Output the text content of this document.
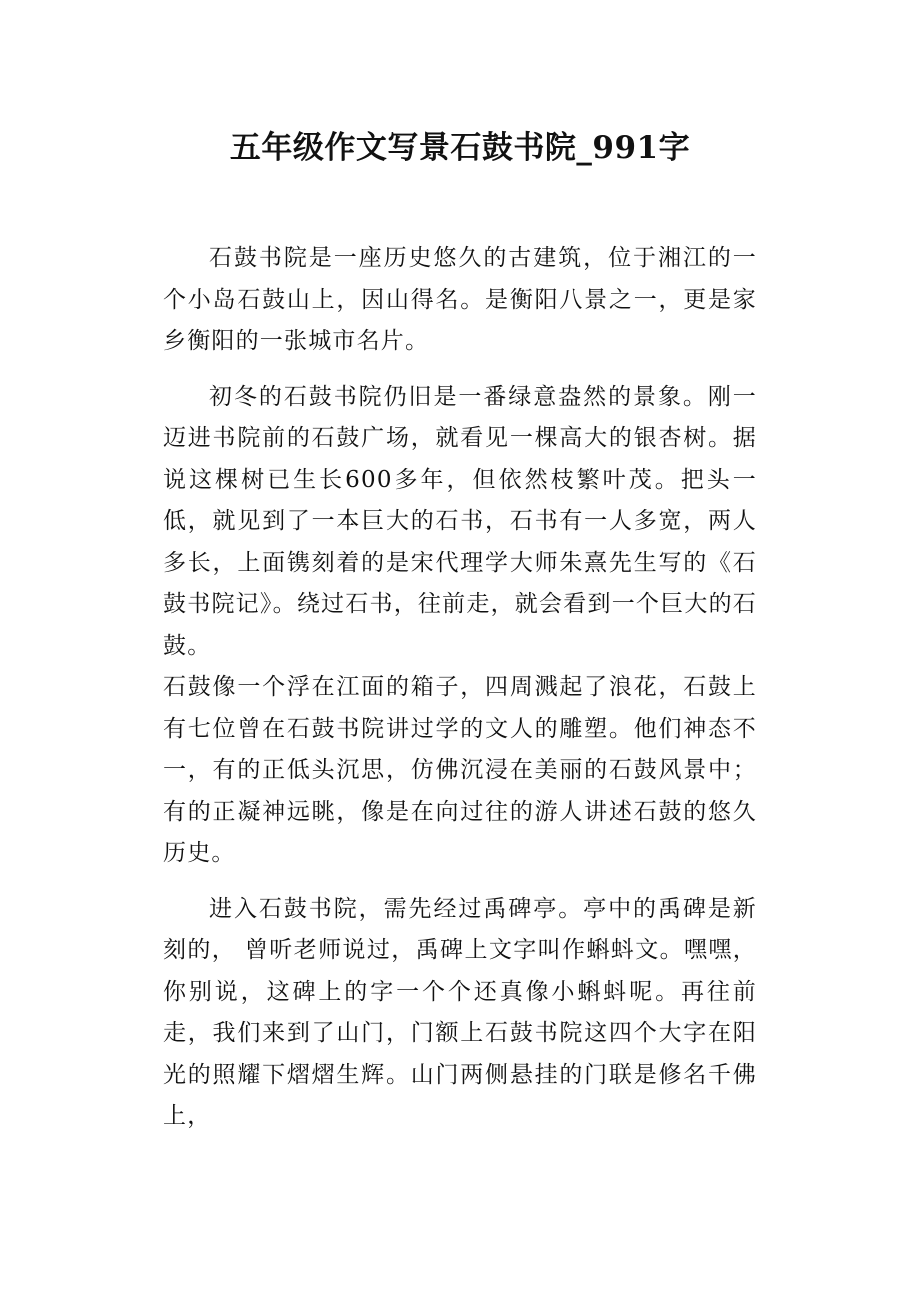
五年级作文写景石鼓书院_991字

石鼓书院是一座历史悠久的古建筑，位于湘江的一个小岛石鼓山上，因山得名。是衡阳八景之一，更是家乡衡阳的一张城市名片。

初冬的石鼓书院仍旧是一番绿意盎然的景象。刚一迈进书院前的石鼓广场，就看见一棵高大的银杏树。据说这棵树已生长600多年，但依然枝繁叶茂。把头一低，就见到了一本巨大的石书，石书有一人多宽，两人多长，上面镌刻着的是宋代理学大师朱熹先生写的《石鼓书院记》。绕过石书，往前走，就会看到一个巨大的石鼓。

石鼓像一个浮在江面的箱子，四周溅起了浪花，石鼓上有七位曾在石鼓书院讲过学的文人的雕塑。他们神态不一，有的正低头沉思，仿佛沉浸在美丽的石鼓风景中；有的正凝神远眺，像是在向过往的游人讲述石鼓的悠久历史。

进入石鼓书院，需先经过禹碑亭。亭中的禹碑是新刻的， 曾听老师说过，禹碑上文字叫作蝌蚪文。嘿嘿，你别说，这碑上的字一个个还真像小蝌蚪呢。再往前走，我们来到了山门，门额上石鼓书院这四个大字在阳光的照耀下熠熠生辉。山门两侧悬挂的门联是修名千佛上，
